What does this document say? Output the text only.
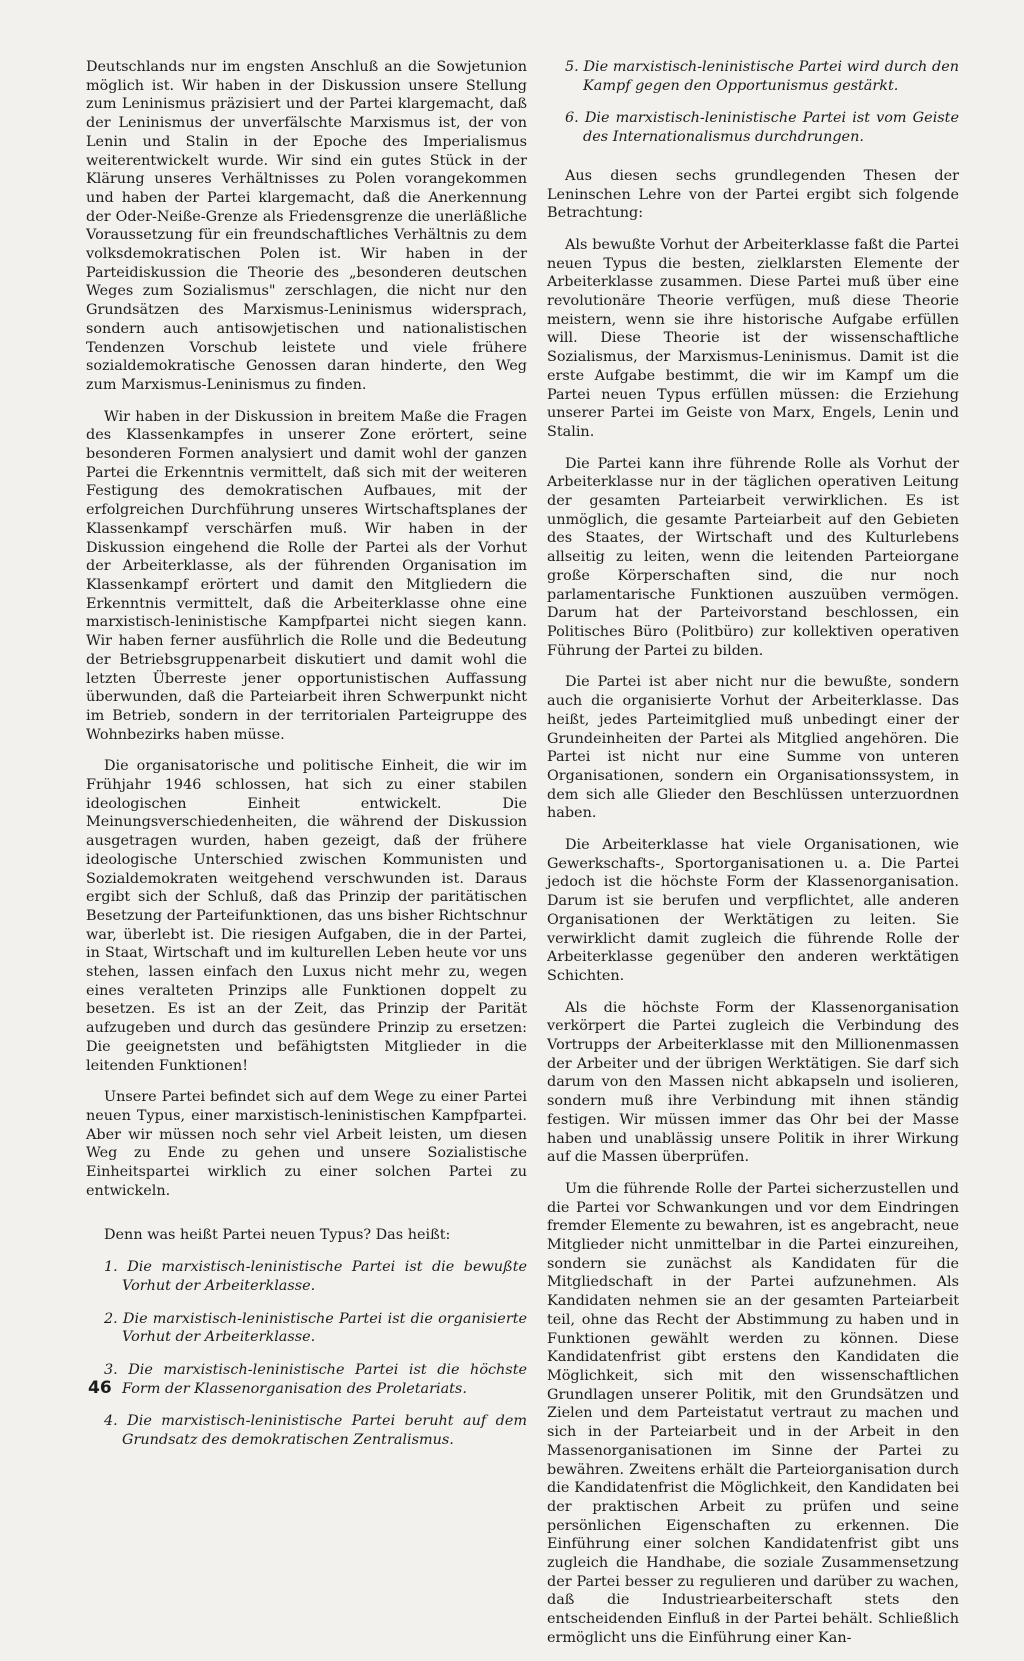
Deutschlands nur im engsten Anschluß an die Sowjetunion möglich ist. Wir haben in der Diskussion unsere Stellung zum Leninismus präzisiert und der Partei klargemacht, daß der Leninismus der unverfälschte Marxismus ist, der von Lenin und Stalin in der Epoche des Imperialismus weiterentwickelt wurde. Wir sind ein gutes Stück in der Klärung unseres Verhältnisses zu Polen vorangekommen und haben der Partei klargemacht, daß die Anerkennung der Oder-Neiße-Grenze als Friedensgrenze die unerläßliche Voraussetzung für ein freundschaftliches Verhältnis zu dem volksdemokratischen Polen ist. Wir haben in der Parteidiskussion die Theorie des „besonderen deutschen Weges zum Sozialismus" zerschlagen, die nicht nur den Grundsätzen des Marxismus-Leninismus widersprach, sondern auch antisowjetischen und nationalistischen Tendenzen Vorschub leistete und viele frühere sozialdemokratische Genossen daran hinderte, den Weg zum Marxismus-Leninismus zu finden.

Wir haben in der Diskussion in breitem Maße die Fragen des Klassenkampfes in unserer Zone erörtert, seine besonderen Formen analysiert und damit wohl der ganzen Partei die Erkenntnis vermittelt, daß sich mit der weiteren Festigung des demokratischen Aufbaues, mit der erfolgreichen Durchführung unseres Wirtschaftsplanes der Klassenkampf verschärfen muß. Wir haben in der Diskussion eingehend die Rolle der Partei als der Vorhut der Arbeiterklasse, als der führenden Organisation im Klassenkampf erörtert und damit den Mitgliedern die Erkenntnis vermittelt, daß die Arbeiterklasse ohne eine marxistisch-leninistische Kampfpartei nicht siegen kann. Wir haben ferner ausführlich die Rolle und die Bedeutung der Betriebsgruppenarbeit diskutiert und damit wohl die letzten Überreste jener opportunistischen Auffassung überwunden, daß die Parteiarbeit ihren Schwerpunkt nicht im Betrieb, sondern in der territorialen Parteigruppe des Wohnbezirks haben müsse.

Die organisatorische und politische Einheit, die wir im Frühjahr 1946 schlossen, hat sich zu einer stabilen ideologischen Einheit entwickelt. Die Meinungsverschiedenheiten, die während der Diskussion ausgetragen wurden, haben gezeigt, daß der frühere ideologische Unterschied zwischen Kommunisten und Sozialdemokraten weitgehend verschwunden ist. Daraus ergibt sich der Schluß, daß das Prinzip der paritätischen Besetzung der Parteifunktionen, das uns bisher Richtschnur war, überlebt ist. Die riesigen Aufgaben, die in der Partei, in Staat, Wirtschaft und im kulturellen Leben heute vor uns stehen, lassen einfach den Luxus nicht mehr zu, wegen eines veralteten Prinzips alle Funktionen doppelt zu besetzen. Es ist an der Zeit, das Prinzip der Parität aufzugeben und durch das gesündere Prinzip zu ersetzen: Die geeignetsten und befähigtsten Mitglieder in die leitenden Funktionen!

Unsere Partei befindet sich auf dem Wege zu einer Partei neuen Typus, einer marxistisch-leninistischen Kampfpartei. Aber wir müssen noch sehr viel Arbeit leisten, um diesen Weg zu Ende zu gehen und unsere Sozialistische Einheitspartei wirklich zu einer solchen Partei zu entwickeln.

Denn was heißt Partei neuen Typus? Das heißt:

1. Die marxistisch-leninistische Partei ist die bewußte Vorhut der Arbeiterklasse.
2. Die marxistisch-leninistische Partei ist die organisierte Vorhut der Arbeiterklasse.
3. Die marxistisch-leninistische Partei ist die höchste Form der Klassenorganisation des Proletariats.
4. Die marxistisch-leninistische Partei beruht auf dem Grundsatz des demokratischen Zentralismus.
5. Die marxistisch-leninistische Partei wird durch den Kampf gegen den Opportunismus gestärkt.
6. Die marxistisch-leninistische Partei ist vom Geiste des Internationalismus durchdrungen.

Aus diesen sechs grundlegenden Thesen der Leninschen Lehre von der Partei ergibt sich folgende Betrachtung:

Als bewußte Vorhut der Arbeiterklasse faßt die Partei neuen Typus die besten, zielklarsten Elemente der Arbeiterklasse zusammen. Diese Partei muß über eine revolutionäre Theorie verfügen, muß diese Theorie meistern, wenn sie ihre historische Aufgabe erfüllen will. Diese Theorie ist der wissenschaftliche Sozialismus, der Marxismus-Leninismus. Damit ist die erste Aufgabe bestimmt, die wir im Kampf um die Partei neuen Typus erfüllen müssen: die Erziehung unserer Partei im Geiste von Marx, Engels, Lenin und Stalin.

Die Partei kann ihre führende Rolle als Vorhut der Arbeiterklasse nur in der täglichen operativen Leitung der gesamten Parteiarbeit verwirklichen. Es ist unmöglich, die gesamte Parteiarbeit auf den Gebieten des Staates, der Wirtschaft und des Kulturlebens allseitig zu leiten, wenn die leitenden Parteiorgane große Körperschaften sind, die nur noch parlamentarische Funktionen auszuüben vermögen. Darum hat der Parteivorstand beschlossen, ein Politisches Büro (Politbüro) zur kollektiven operativen Führung der Partei zu bilden.

Die Partei ist aber nicht nur die bewußte, sondern auch die organisierte Vorhut der Arbeiterklasse. Das heißt, jedes Parteimitglied muß unbedingt einer der Grundeinheiten der Partei als Mitglied angehören. Die Partei ist nicht nur eine Summe von unteren Organisationen, sondern ein Organisationssystem, in dem sich alle Glieder den Beschlüssen unterzuordnen haben.

Die Arbeiterklasse hat viele Organisationen, wie Gewerkschafts-, Sportorganisationen u. a. Die Partei jedoch ist die höchste Form der Klassenorganisation. Darum ist sie berufen und verpflichtet, alle anderen Organisationen der Werktätigen zu leiten. Sie verwirklicht damit zugleich die führende Rolle der Arbeiterklasse gegenüber den anderen werktätigen Schichten.

Als die höchste Form der Klassenorganisation verkörpert die Partei zugleich die Verbindung des Vortrupps der Arbeiterklasse mit den Millionenmassen der Arbeiter und der übrigen Werktätigen. Sie darf sich darum von den Massen nicht abkapseln und isolieren, sondern muß ihre Verbindung mit ihnen ständig festigen. Wir müssen immer das Ohr bei der Masse haben und unablässig unsere Politik in ihrer Wirkung auf die Massen überprüfen.

Um die führende Rolle der Partei sicherzustellen und die Partei vor Schwankungen und vor dem Eindringen fremder Elemente zu bewahren, ist es angebracht, neue Mitglieder nicht unmittelbar in die Partei einzureihen, sondern sie zunächst als Kandidaten für die Mitgliedschaft in der Partei aufzunehmen. Als Kandidaten nehmen sie an der gesamten Parteiarbeit teil, ohne das Recht der Abstimmung zu haben und in Funktionen gewählt werden zu können. Diese Kandidatenfrist gibt erstens den Kandidaten die Möglichkeit, sich mit den wissenschaftlichen Grundlagen unserer Politik, mit den Grundsätzen und Zielen und dem Parteistatut vertraut zu machen und sich in der Parteiarbeit und in der Arbeit in den Massenorganisationen im Sinne der Partei zu bewähren. Zweitens erhält die Parteiorganisation durch die Kandidatenfrist die Möglichkeit, den Kandidaten bei der praktischen Arbeit zu prüfen und seine persönlichen Eigenschaften zu erkennen. Die Einführung einer solchen Kandidatenfrist gibt uns zugleich die Handhabe, die soziale Zusammensetzung der Partei besser zu regulieren und darüber zu wachen, daß die Industriearbeiterschaft stets den entscheidenden Einfluß in der Partei behält. Schließlich ermöglicht uns die Einführung einer Kan-

46
